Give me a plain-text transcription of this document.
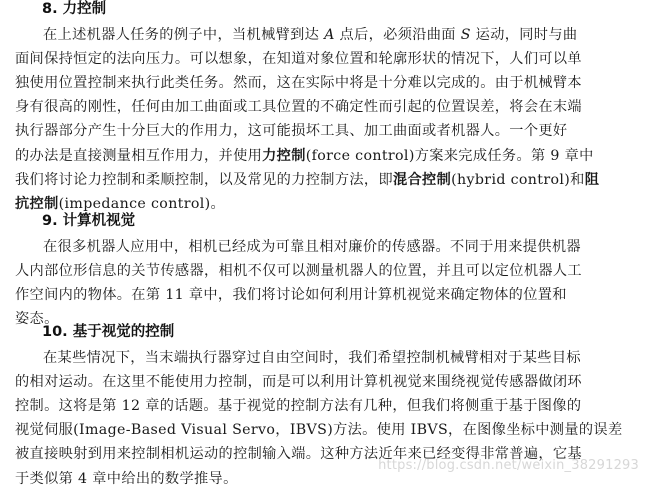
8. 力控制
在上述机器人任务的例子中，当机械臂到达 A 点后，必须沿曲面 S 运动，同时与曲
面间保持恒定的法向压力。可以想象，在知道对象位置和轮廓形状的情况下，人们可以单
独使用位置控制来执行此类任务。然而，这在实际中将是十分难以完成的。由于机械臂本
身有很高的刚性，任何由加工曲面或工具位置的不确定性而引起的位置误差，将会在末端
执行器部分产生十分巨大的作用力，这可能损坏工具、加工曲面或者机器人。一个更好
的办法是直接测量相互作用力，并使用力控制(force control)方案来完成任务。第 9 章中
我们将讨论力控制和柔顺控制，以及常见的力控制方法，即混合控制(hybrid control)和阻
抗控制(impedance control)。
9. 计算机视觉
在很多机器人应用中，相机已经成为可靠且相对廉价的传感器。不同于用来提供机器
人内部位形信息的关节传感器，相机不仅可以测量机器人的位置，并且可以定位机器人工
作空间内的物体。在第 11 章中，我们将讨论如何利用计算机视觉来确定物体的位置和
姿态。
10. 基于视觉的控制
在某些情况下，当末端执行器穿过自由空间时，我们希望控制机械臂相对于某些目标
的相对运动。在这里不能使用力控制，而是可以利用计算机视觉来围绕视觉传感器做闭环
控制。这将是第 12 章的话题。基于视觉的控制方法有几种，但我们将侧重于基于图像的
视觉伺服(Image-Based Visual Servo，IBVS)方法。使用 IBVS，在图像坐标中测量的误差
被直接映射到用来控制相机运动的控制输入端。这种方法近年来已经变得非常普遍，它基
于类似第 4 章中给出的数学推导。
https://blog.csdn.net/weixin_38291293
